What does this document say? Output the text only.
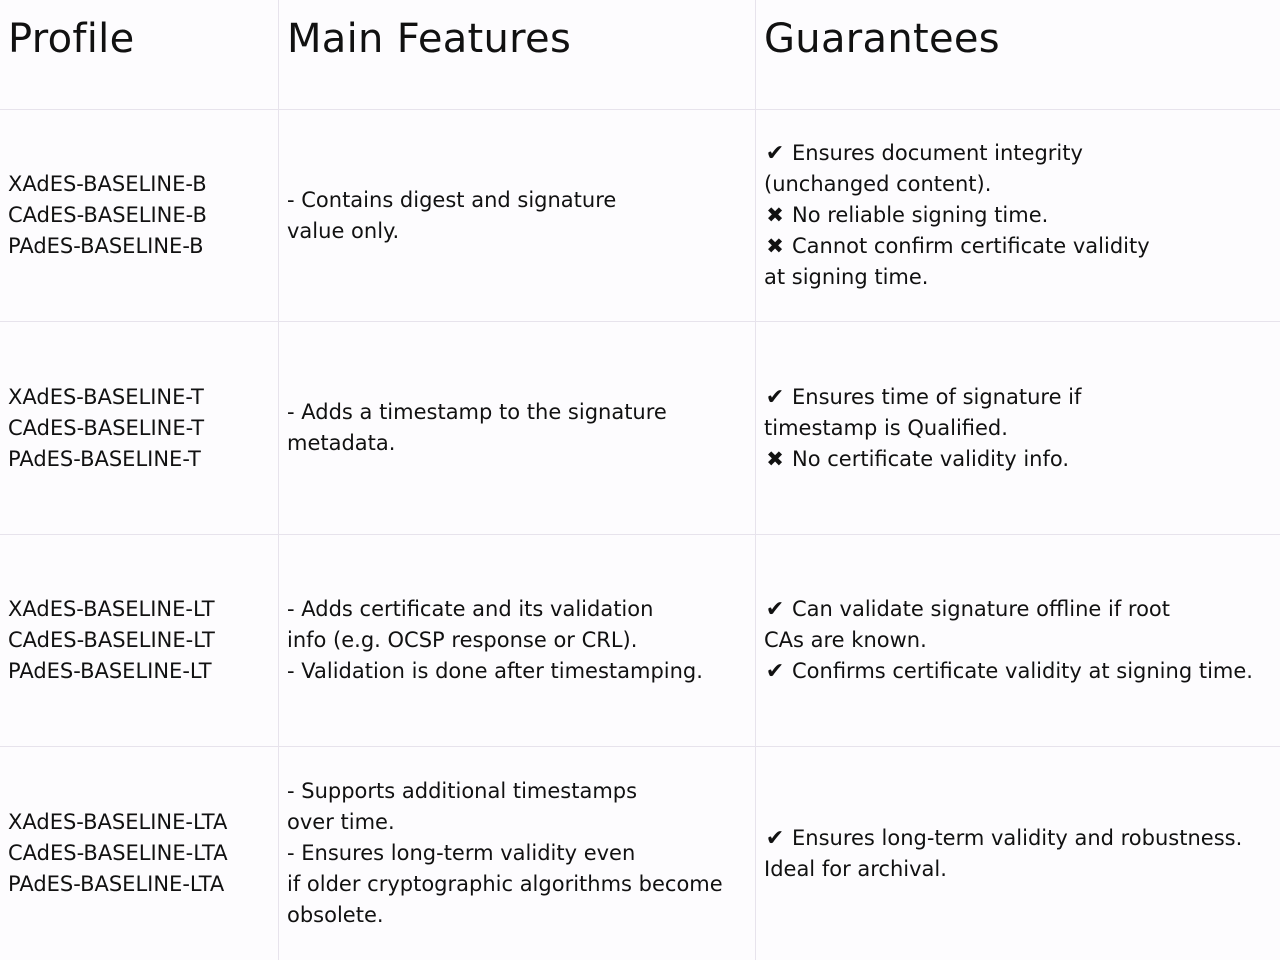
Profile	Main Features	Guarantees
XAdES-BASELINE-B
CAdES-BASELINE-B
PAdES-BASELINE-B
- Contains digest and signature
value only.
✔ Ensures document integrity
(unchanged content).
✖ No reliable signing time.
✖ Cannot confirm certificate validity
at signing time.
XAdES-BASELINE-T
CAdES-BASELINE-T
PAdES-BASELINE-T
- Adds a timestamp to the signature
metadata.
✔ Ensures time of signature if
timestamp is Qualified.
✖ No certificate validity info.
XAdES-BASELINE-LT
CAdES-BASELINE-LT
PAdES-BASELINE-LT
- Adds certificate and its validation
info (e.g. OCSP response or CRL).
- Validation is done after timestamping.
✔ Can validate signature offline if root
CAs are known.
✔ Confirms certificate validity at signing time.
XAdES-BASELINE-LTA
CAdES-BASELINE-LTA
PAdES-BASELINE-LTA
- Supports additional timestamps
over time.
- Ensures long-term validity even
if older cryptographic algorithms become
obsolete.
✔ Ensures long-term validity and robustness.
Ideal for archival.
